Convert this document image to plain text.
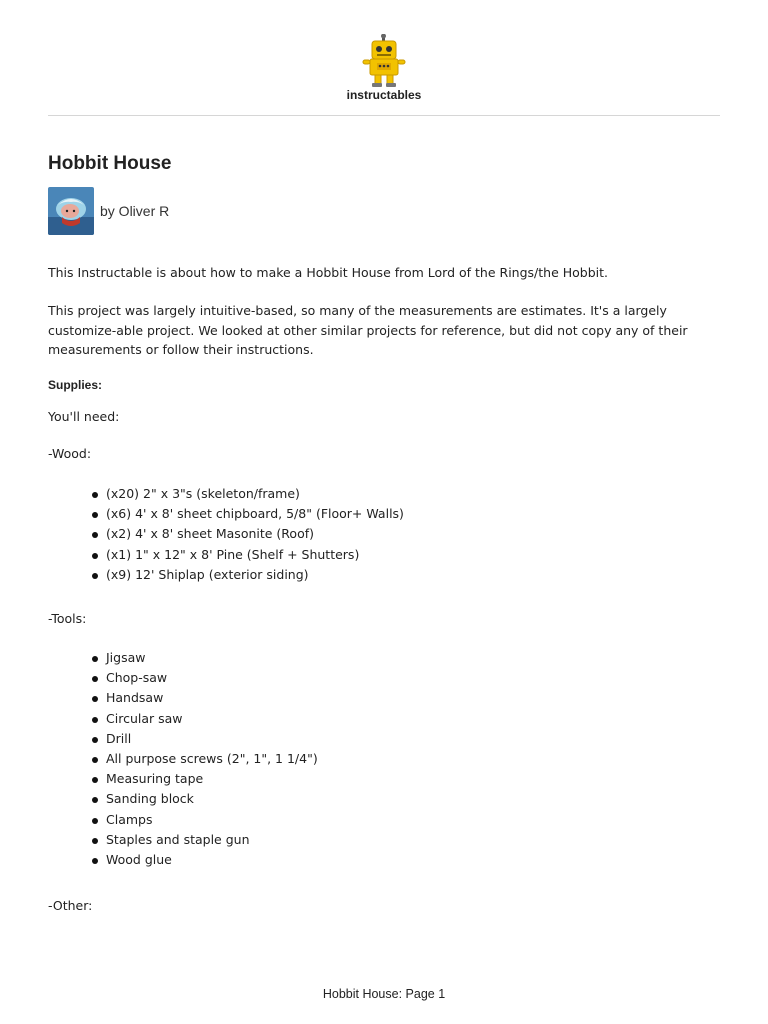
instructables
Hobbit House
by Oliver R

This Instructable is about how to make a Hobbit House from Lord of the Rings/the Hobbit.

This project was largely intuitive-based, so many of the measurements are estimates. It's a largely customize-able project. We looked at other similar projects for reference, but did not copy any of their measurements or follow their instructions.

Supplies:

You'll need:

-Wood:

(x20) 2" x 3"s (skeleton/frame)
(x6) 4' x 8' sheet chipboard, 5/8" (Floor+ Walls)
(x2) 4' x 8' sheet Masonite (Roof)
(x1) 1" x 12" x 8' Pine (Shelf + Shutters)
(x9) 12' Shiplap (exterior siding)

-Tools:

Jigsaw
Chop-saw
Handsaw
Circular saw
Drill
All purpose screws (2", 1", 1 1/4")
Measuring tape
Sanding block
Clamps
Staples and staple gun
Wood glue

-Other:

Hobbit House: Page 1
